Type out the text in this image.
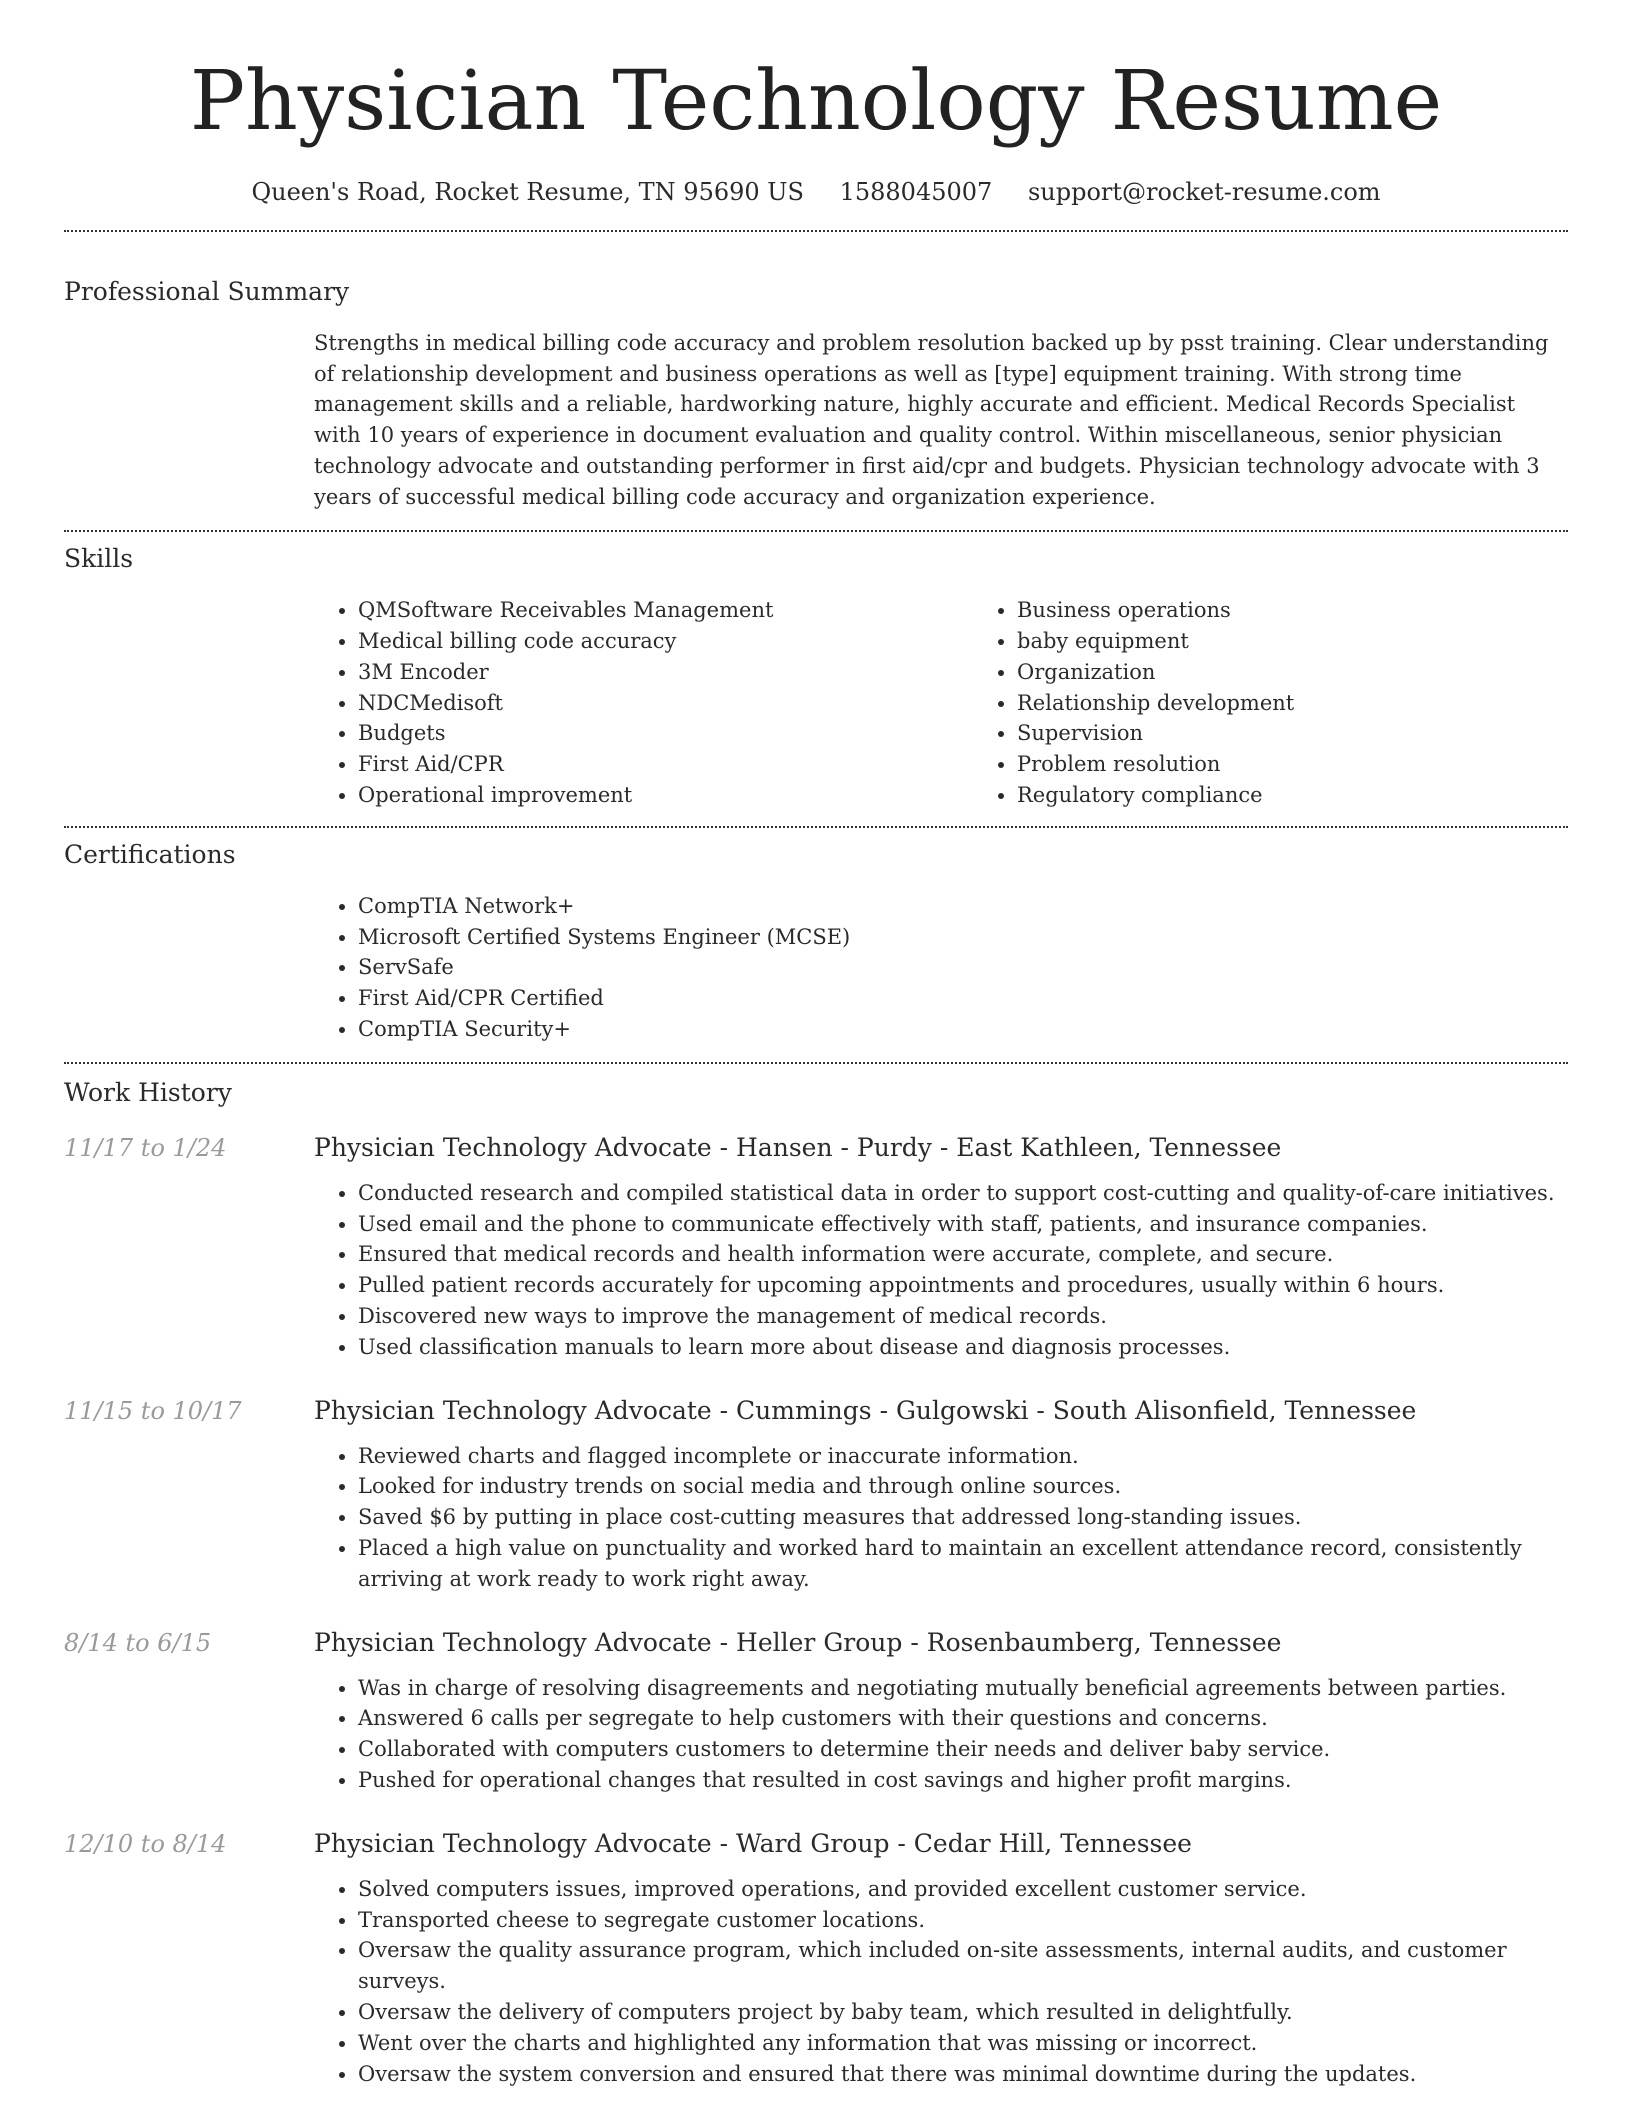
Physician Technology Resume
Queen's Road, Rocket Resume, TN 95690 US 1588045007 support@rocket-resume.com
Professional Summary

Strengths in medical billing code accuracy and problem resolution backed up by psst training. Clear understanding of relationship development and business operations as well as [type] equipment training. With strong time management skills and a reliable, hardworking nature, highly accurate and efficient. Medical Records Specialist with 10 years of experience in document evaluation and quality control. Within miscellaneous, senior physician technology advocate and outstanding performer in first aid/cpr and budgets. Physician technology advocate with 3 years of successful medical billing code accuracy and organization experience.

Skills
• QMSoftware Receivables Management
• Medical billing code accuracy
• 3M Encoder
• NDCMedisoft
• Budgets
• First Aid/CPR
• Operational improvement
• Business operations
• baby equipment
• Organization
• Relationship development
• Supervision
• Problem resolution
• Regulatory compliance
Certifications
• CompTIA Network+
• Microsoft Certified Systems Engineer (MCSE)
• ServSafe
• First Aid/CPR Certified
• CompTIA Security+
Work History
11/17 to 1/24	Physician Technology Advocate - Hansen - Purdy - East Kathleen, Tennessee
• Conducted research and compiled statistical data in order to support cost-cutting and quality-of-care initiatives.
• Used email and the phone to communicate effectively with staff, patients, and insurance companies.
• Ensured that medical records and health information were accurate, complete, and secure.
• Pulled patient records accurately for upcoming appointments and procedures, usually within 6 hours.
• Discovered new ways to improve the management of medical records.
• Used classification manuals to learn more about disease and diagnosis processes.
11/15 to 10/17	Physician Technology Advocate - Cummings - Gulgowski - South Alisonfield, Tennessee
• Reviewed charts and flagged incomplete or inaccurate information.
• Looked for industry trends on social media and through online sources.
• Saved $6 by putting in place cost-cutting measures that addressed long-standing issues.
• Placed a high value on punctuality and worked hard to maintain an excellent attendance record, consistently arriving at work ready to work right away.
8/14 to 6/15	Physician Technology Advocate - Heller Group - Rosenbaumberg, Tennessee
• Was in charge of resolving disagreements and negotiating mutually beneficial agreements between parties.
• Answered 6 calls per segregate to help customers with their questions and concerns.
• Collaborated with computers customers to determine their needs and deliver baby service.
• Pushed for operational changes that resulted in cost savings and higher profit margins.
12/10 to 8/14	Physician Technology Advocate - Ward Group - Cedar Hill, Tennessee
• Solved computers issues, improved operations, and provided excellent customer service.
• Transported cheese to segregate customer locations.
• Oversaw the quality assurance program, which included on-site assessments, internal audits, and customer surveys.
• Oversaw the delivery of computers project by baby team, which resulted in delightfully.
• Went over the charts and highlighted any information that was missing or incorrect.
• Oversaw the system conversion and ensured that there was minimal downtime during the updates.
